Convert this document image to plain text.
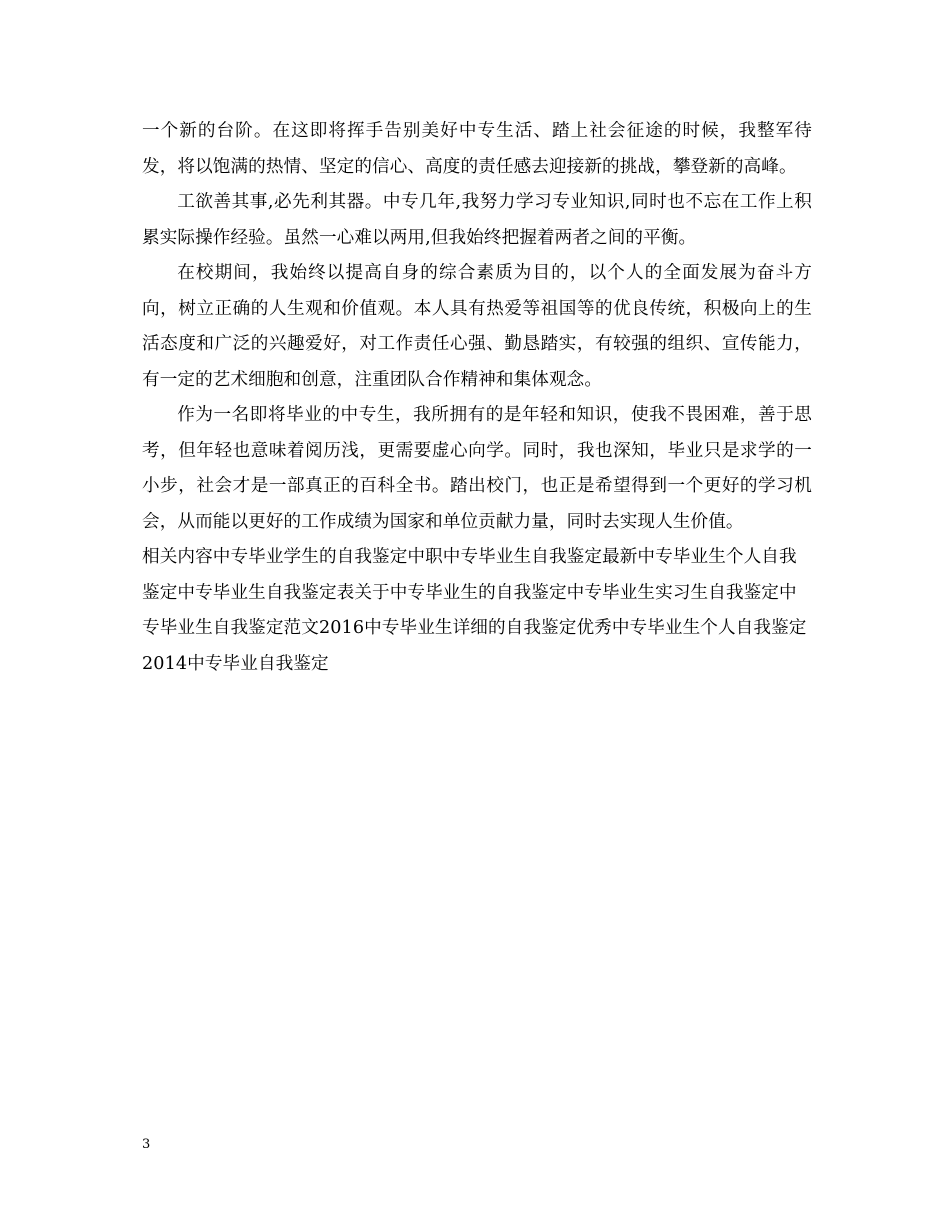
一个新的台阶。在这即将挥手告别美好中专生活、踏上社会征途的时候，我整军待发，将以饱满的热情、坚定的信心、高度的责任感去迎接新的挑战，攀登新的高峰。

工欲善其事,必先利其器。中专几年,我努力学习专业知识,同时也不忘在工作上积累实际操作经验。虽然一心难以两用,但我始终把握着两者之间的平衡。

在校期间，我始终以提高自身的综合素质为目的，以个人的全面发展为奋斗方向，树立正确的人生观和价值观。本人具有热爱等祖国等的优良传统，积极向上的生活态度和广泛的兴趣爱好，对工作责任心强、勤恳踏实，有较强的组织、宣传能力，有一定的艺术细胞和创意，注重团队合作精神和集体观念。

作为一名即将毕业的中专生，我所拥有的是年轻和知识，使我不畏困难，善于思考，但年轻也意味着阅历浅，更需要虚心向学。同时，我也深知，毕业只是求学的一小步，社会才是一部真正的百科全书。踏出校门，也正是希望得到一个更好的学习机会，从而能以更好的工作成绩为国家和单位贡献力量，同时去实现人生价值。

相关内容中专毕业学生的自我鉴定中职中专毕业生自我鉴定最新中专毕业生个人自我鉴定中专毕业生自我鉴定表关于中专毕业生的自我鉴定中专毕业生实习生自我鉴定中专毕业生自我鉴定范文2016中专毕业生详细的自我鉴定优秀中专毕业生个人自我鉴定2014中专毕业自我鉴定

3
